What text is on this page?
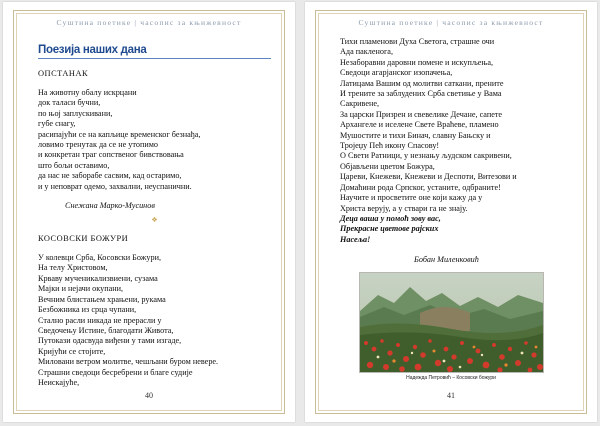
Суштина поетике | часопис за књижевност
Поезија наших дана
ОПСТАНАК
На животну обалу искрцани
док таласи бучни,
по њој заплускивани,
губе снагу,
расипајући се на капљице временског безнађа,
ловимо тренутак да се не утопимо
и конкретан траг сопственог бивствовања
што бољи оставимо,
да нас не заборабе сасвим, кад остаримо,
и у неповрат одемо, захвални, неуспанични.
Снежана Марко-Мусинов
❖
КОСОВСКИ БОЖУРИ
У колевци Срба, Косовски Божури,
На телу Христовом,
Крваву мученикализвиени, сузама
Мајки и нејачи окупани,
Вечним блистањем храњени, рукама
Безбожника из срца чупани,
Стално расли никада не прерасли у
Сведочењу Истине, благодати Живота,
Путокази одасвуда виђени у тами изгаде,
Кријући се стојите,
Миловани ветром молитве, чешљани буром невере.
Страшни сведоци бесребрени и благе судије
Неискајуће,
40
Суштина поетике | часопис за књижевност
Тихи пламенови Духа Светога, страшне очи
Ада пакленога,
Незаборавни даровни помене и искупљења,
Сведоци агарјанског изопачења,
Латицама Вашим од молитви саткани, прените
И трените за заблудених Срба светиње у Вама
Сакривене,
За царски Призрен и свевелике Дечане, сапете
Архангеле и иселене Свете Враћеве, пламено
Мушостите и тихи Бинач, славну Бањску и
Тројеџу Пећ икону Спасову!
О Свети Ратници, у незнању људском сакривени,
Објављени цветом Божура,
Цареви, Кнежеви, Кнежеви и Деспоти, Витезови и
Домаћини рода Српског, устаните, одбраните!
Научите и просветите оне који кажу да у
Христа верују, а у ствари га не знају.
Деца ваша у помоћ зову вас,
Прекрасне цветове рајских
Насеља!
Бобан Миленковић
Надежда Петровић – Косовски божури
41
